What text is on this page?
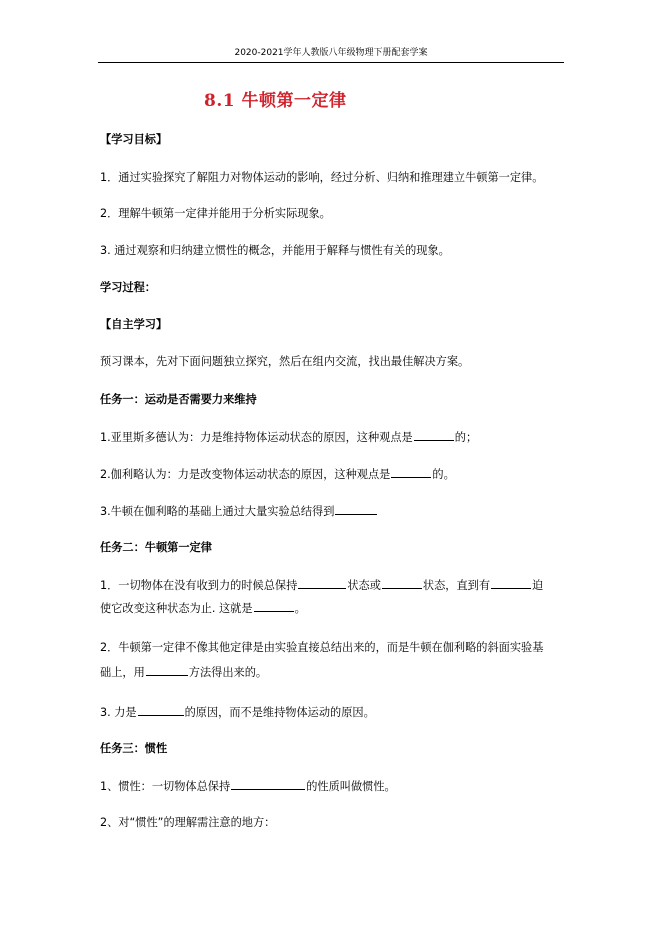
2020-2021学年人教版八年级物理下册配套学案
8.1 牛顿第一定律
【学习目标】
1．通过实验探究了解阻力对物体运动的影响，经过分析、归纳和推理建立牛顿第一定律。
2．理解牛顿第一定律并能用于分析实际现象。
3. 通过观察和归纳建立惯性的概念，并能用于解释与惯性有关的现象。
学习过程：
【自主学习】
预习课本，先对下面问题独立探究，然后在组内交流，找出最佳解决方案。
任务一：运动是否需要力来维持
1.亚里斯多德认为：力是维持物体运动状态的原因，这种观点是	的；
2.伽利略认为：力是改变物体运动状态的原因，这种观点是	的。
3.牛顿在伽利略的基础上通过大量实验总结得到
任务二：牛顿第一定律
1．一切物体在没有收到力的时候总保持	状态或	状态，直到有	迫
使它改变这种状态为止. 这就是	。
2．牛顿第一定律不像其他定律是由实验直接总结出来的，而是牛顿在伽利略的斜面实验基
础上，用	方法得出来的。
3. 力是	的原因，而不是维持物体运动的原因。
任务三：惯性
1、惯性：一切物体总保持	的性质叫做惯性。
2、对“惯性”的理解需注意的地方：
